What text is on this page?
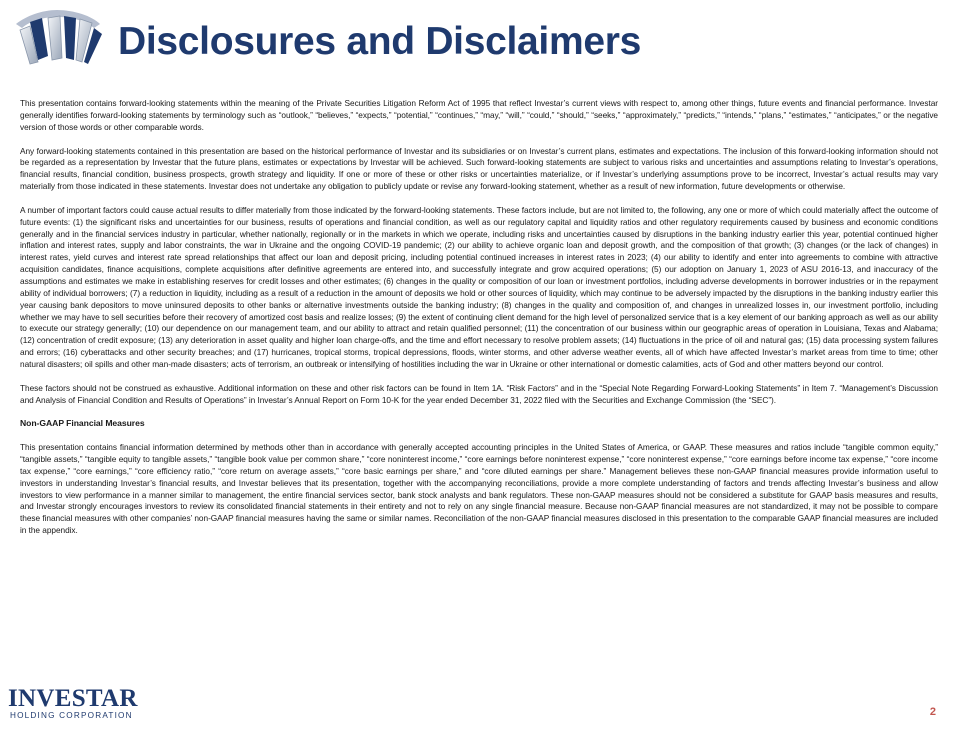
Disclosures and Disclaimers

This presentation contains forward-looking statements within the meaning of the Private Securities Litigation Reform Act of 1995 that reflect Investar’s current views with respect to, among other things, future events and financial performance. Investar generally identifies forward-looking statements by terminology such as “outlook,” “believes,” “expects,” “potential,” “continues,” “may,” “will,” “could,” “should,” “seeks,” “approximately,” “predicts,” “intends,” “plans,” “estimates,” “anticipates,” or the negative version of those words or other comparable words.

Any forward-looking statements contained in this presentation are based on the historical performance of Investar and its subsidiaries or on Investar’s current plans, estimates and expectations. The inclusion of this forward-looking information should not be regarded as a representation by Investar that the future plans, estimates or expectations by Investar will be achieved. Such forward-looking statements are subject to various risks and uncertainties and assumptions relating to Investar’s operations, financial results, financial condition, business prospects, growth strategy and liquidity. If one or more of these or other risks or uncertainties materialize, or if Investar’s underlying assumptions prove to be incorrect, Investar’s actual results may vary materially from those indicated in these statements. Investar does not undertake any obligation to publicly update or revise any forward-looking statement, whether as a result of new information, future developments or otherwise.

A number of important factors could cause actual results to differ materially from those indicated by the forward-looking statements. These factors include, but are not limited to, the following, any one or more of which could materially affect the outcome of future events: (1) the significant risks and uncertainties for our business, results of operations and financial condition, as well as our regulatory capital and liquidity ratios and other regulatory requirements caused by business and economic conditions generally and in the financial services industry in particular, whether nationally, regionally or in the markets in which we operate, including risks and uncertainties caused by disruptions in the banking industry earlier this year, potential continued higher inflation and interest rates, supply and labor constraints, the war in Ukraine and the ongoing COVID-19 pandemic; (2) our ability to achieve organic loan and deposit growth, and the composition of that growth; (3) changes (or the lack of changes) in interest rates, yield curves and interest rate spread relationships that affect our loan and deposit pricing, including potential continued increases in interest rates in 2023; (4) our ability to identify and enter into agreements to combine with attractive acquisition candidates, finance acquisitions, complete acquisitions after definitive agreements are entered into, and successfully integrate and grow acquired operations; (5) our adoption on January 1, 2023 of ASU 2016-13, and inaccuracy of the assumptions and estimates we make in establishing reserves for credit losses and other estimates; (6) changes in the quality or composition of our loan or investment portfolios, including adverse developments in borrower industries or in the repayment ability of individual borrowers; (7) a reduction in liquidity, including as a result of a reduction in the amount of deposits we hold or other sources of liquidity, which may continue to be adversely impacted by the disruptions in the banking industry earlier this year causing bank depositors to move uninsured deposits to other banks or alternative investments outside the banking industry; (8) changes in the quality and composition of, and changes in unrealized losses in, our investment portfolio, including whether we may have to sell securities before their recovery of amortized cost basis and realize losses; (9) the extent of continuing client demand for the high level of personalized service that is a key element of our banking approach as well as our ability to execute our strategy generally; (10) our dependence on our management team, and our ability to attract and retain qualified personnel; (11) the concentration of our business within our geographic areas of operation in Louisiana, Texas and Alabama; (12) concentration of credit exposure; (13) any deterioration in asset quality and higher loan charge-offs, and the time and effort necessary to resolve problem assets; (14) fluctuations in the price of oil and natural gas; (15) data processing system failures and errors; (16) cyberattacks and other security breaches; and (17) hurricanes, tropical storms, tropical depressions, floods, winter storms, and other adverse weather events, all of which have affected Investar’s market areas from time to time; other natural disasters; oil spills and other man-made disasters; acts of terrorism, an outbreak or intensifying of hostilities including the war in Ukraine or other international or domestic calamities, acts of God and other matters beyond our control.

These factors should not be construed as exhaustive. Additional information on these and other risk factors can be found in Item 1A. “Risk Factors” and in the “Special Note Regarding Forward-Looking Statements” in Item 7. “Management’s Discussion and Analysis of Financial Condition and Results of Operations” in Investar’s Annual Report on Form 10-K for the year ended December 31, 2022 filed with the Securities and Exchange Commission (the “SEC”).

Non-GAAP Financial Measures

This presentation contains financial information determined by methods other than in accordance with generally accepted accounting principles in the United States of America, or GAAP. These measures and ratios include “tangible common equity,” “tangible assets,” “tangible equity to tangible assets,” “tangible book value per common share,” “core noninterest income,” “core earnings before noninterest expense,” “core noninterest expense,” “core earnings before income tax expense,” “core income tax expense,” “core earnings,” “core efficiency ratio,” “core return on average assets,” “core basic earnings per share,” and “core diluted earnings per share.” Management believes these non-GAAP financial measures provide information useful to investors in understanding Investar’s financial results, and Investar believes that its presentation, together with the accompanying reconciliations, provide a more complete understanding of factors and trends affecting Investar’s business and allow investors to view performance in a manner similar to management, the entire financial services sector, bank stock analysts and bank regulators. These non-GAAP measures should not be considered a substitute for GAAP basis measures and results, and Investar strongly encourages investors to review its consolidated financial statements in their entirety and not to rely on any single financial measure. Because non-GAAP financial measures are not standardized, it may not be possible to compare these financial measures with other companies’ non-GAAP financial measures having the same or similar names. Reconciliation of the non-GAAP financial measures disclosed in this presentation to the comparable GAAP financial measures are included in the appendix.

INVESTAR
HOLDING CORPORATION	2
